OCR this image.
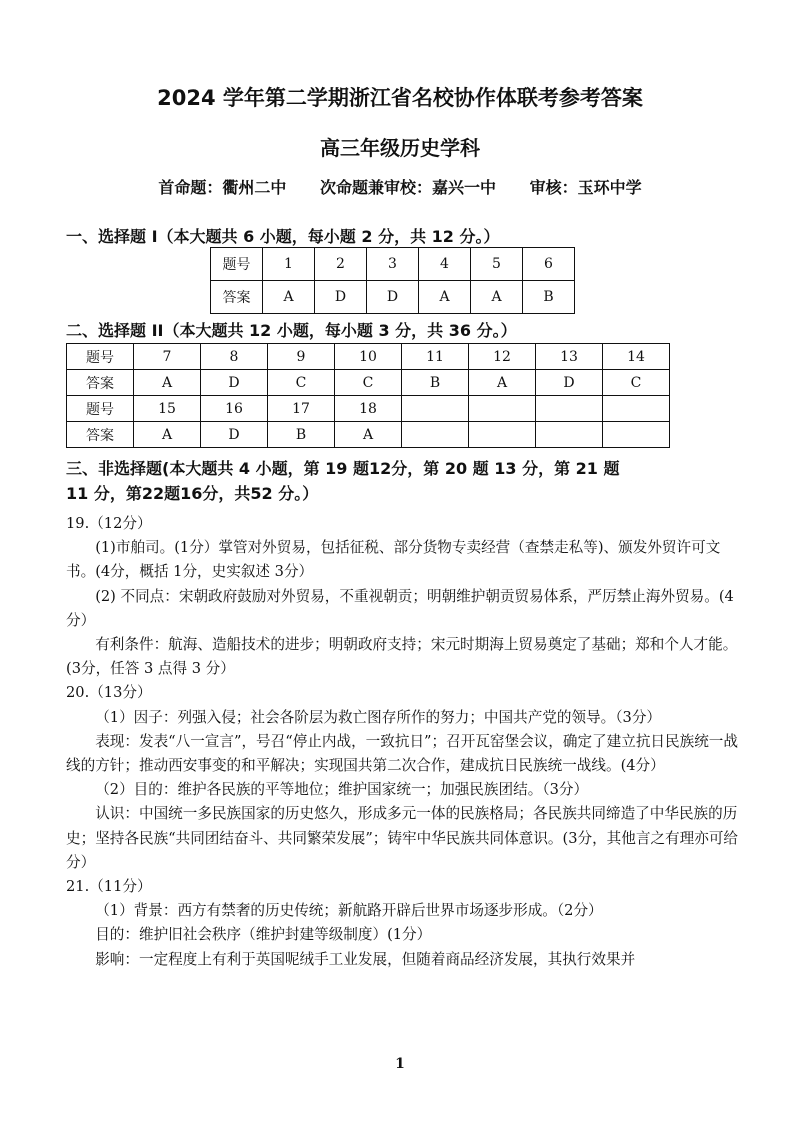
2024 学年第二学期浙江省名校协作体联考参考答案
高三年级历史学科
首命题：衢州二中 次命题兼审校：嘉兴一中 审核：玉环中学
一、选择题 I（本大题共 6 小题，每小题 2 分，共 12 分。）
题号	1	2	3	4	5	6
答案	A	D	D	A	A	B
二、选择题 II（本大题共 12 小题，每小题 3 分，共 36 分。）
题号	7	8	9	10	11	12	13	14
答案	A	D	C	C	B	A	D	C
题号	15	16	17	18				
答案	A	D	B	A				
三、非选择题(本大题共 4 小题，第 19 题12分，第 20 题 13 分，第 21 题
11 分，第22题16分，共52 分。）

19.（12分）

(1)市舶司。(1分）掌管对外贸易，包括征税、部分货物专卖经营（查禁走私等)、颁发外贸许可文书。(4分，概括 1分，史实叙述 3分）

(2) 不同点：宋朝政府鼓励对外贸易，不重视朝贡；明朝维护朝贡贸易体系，严厉禁止海外贸易。(4分）

有利条件：航海、造船技术的进步；明朝政府支持；宋元时期海上贸易奠定了基础；郑和个人才能。(3分，任答 3 点得 3 分）

20.（13分）

（1）因子：列强入侵；社会各阶层为救亡图存所作的努力；中国共产党的领导。（3分）

表现：发表“八一宣言”，号召“停止内战，一致抗日”；召开瓦窑堡会议，确定了建立抗日民族统一战线的方针；推动西安事变的和平解决；实现国共第二次合作，建成抗日民族统一战线。(4分）

（2）目的：维护各民族的平等地位；维护国家统一；加强民族团结。（3分）

认识：中国统一多民族国家的历史悠久，形成多元一体的民族格局；各民族共同缔造了中华民族的历史；坚持各民族“共同团结奋斗、共同繁荣发展”；铸牢中华民族共同体意识。(3分，其他言之有理亦可给分）

21.（11分）

（1）背景：西方有禁奢的历史传统；新航路开辟后世界市场逐步形成。（2分）

目的：维护旧社会秩序（维护封建等级制度）(1分）

影响：一定程度上有利于英国呢绒手工业发展，但随着商品经济发展，其执行效果并

1
